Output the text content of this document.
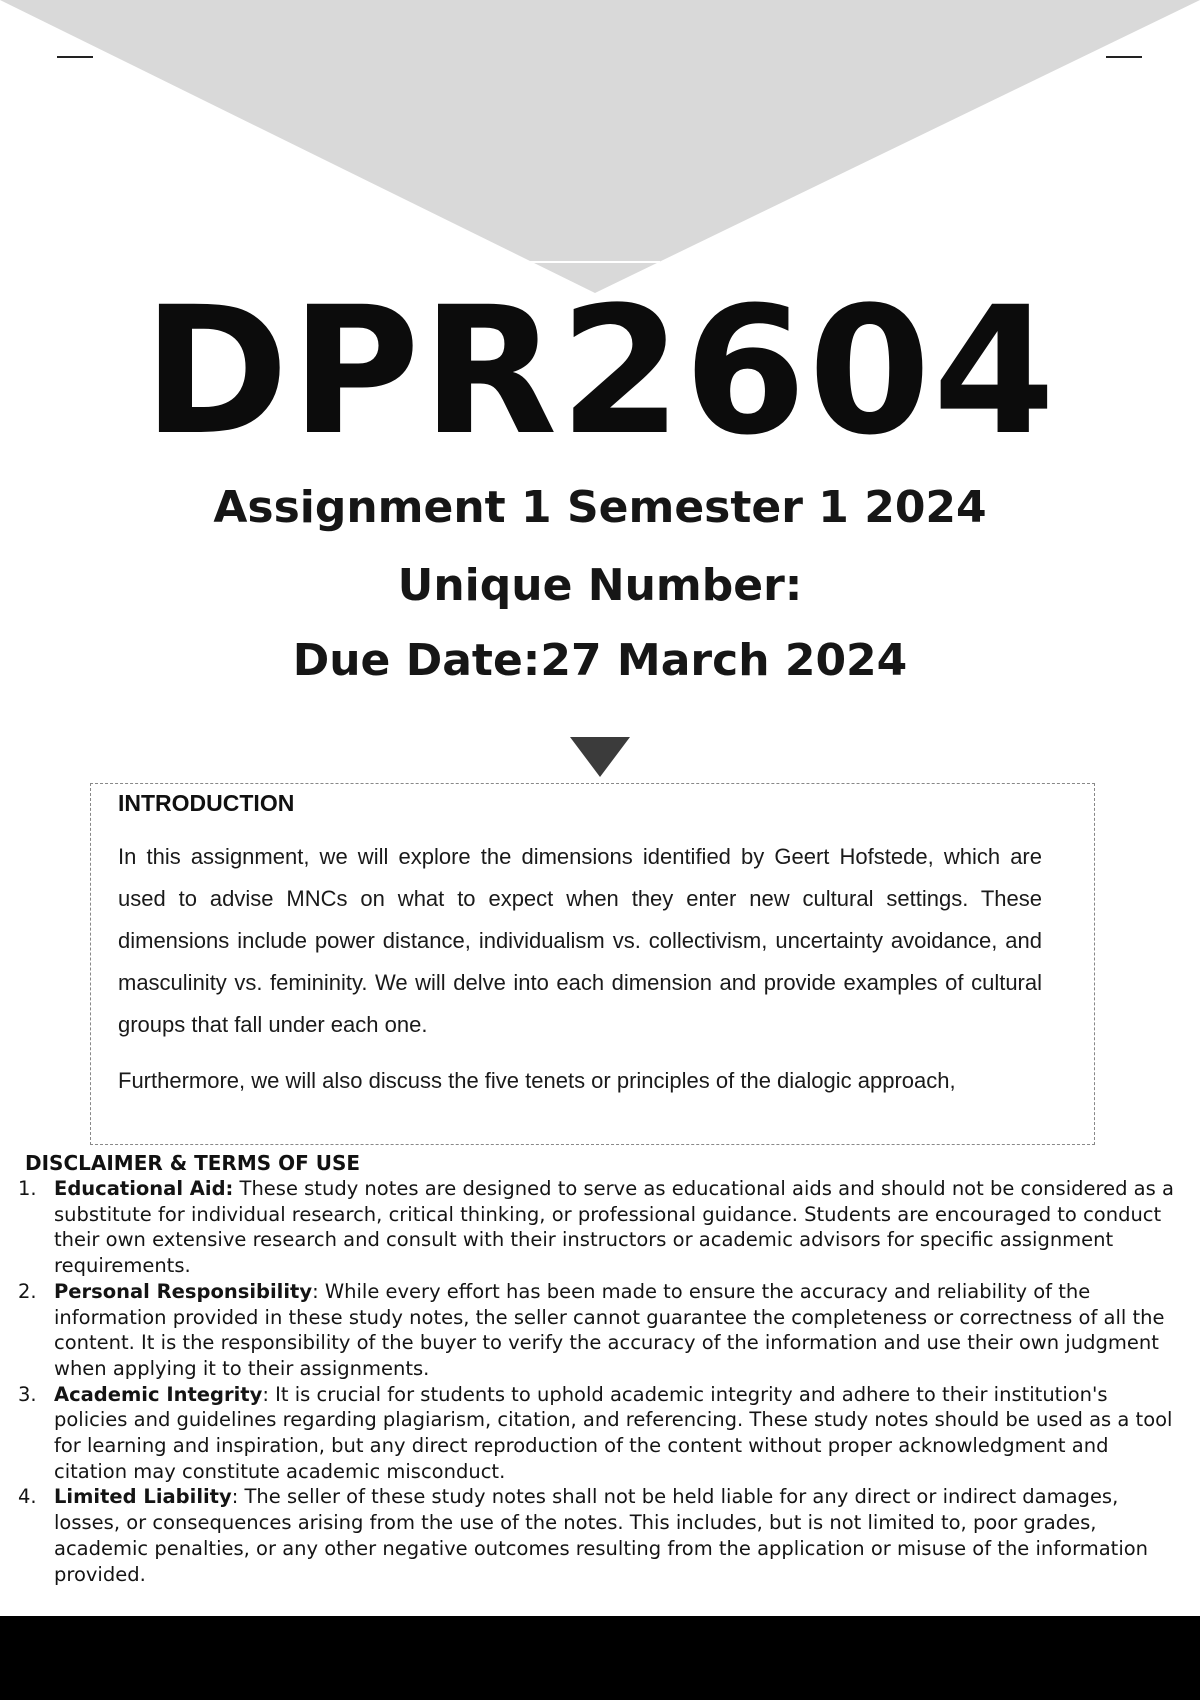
DPR2604
Assignment 1 Semester 1 2024
Unique Number:
Due Date:27 March 2024
INTRODUCTION

In this assignment, we will explore the dimensions identified by Geert Hofstede, which are used to advise MNCs on what to expect when they enter new cultural settings. These dimensions include power distance, individualism vs. collectivism, uncertainty avoidance, and masculinity vs. femininity. We will delve into each dimension and provide examples of cultural groups that fall under each one.

Furthermore, we will also discuss the five tenets or principles of the dialogic approach,

DISCLAIMER & TERMS OF USE
1. Educational Aid: These study notes are designed to serve as educational aids and should not be considered as a substitute for individual research, critical thinking, or professional guidance. Students are encouraged to conduct their own extensive research and consult with their instructors or academic advisors for specific assignment requirements.
2. Personal Responsibility: While every effort has been made to ensure the accuracy and reliability of the information provided in these study notes, the seller cannot guarantee the completeness or correctness of all the content. It is the responsibility of the buyer to verify the accuracy of the information and use their own judgment when applying it to their assignments.
3. Academic Integrity: It is crucial for students to uphold academic integrity and adhere to their institution's policies and guidelines regarding plagiarism, citation, and referencing. These study notes should be used as a tool for learning and inspiration, but any direct reproduction of the content without proper acknowledgment and citation may constitute academic misconduct.
4. Limited Liability: The seller of these study notes shall not be held liable for any direct or indirect damages, losses, or consequences arising from the use of the notes. This includes, but is not limited to, poor grades, academic penalties, or any other negative outcomes resulting from the application or misuse of the information provided.
